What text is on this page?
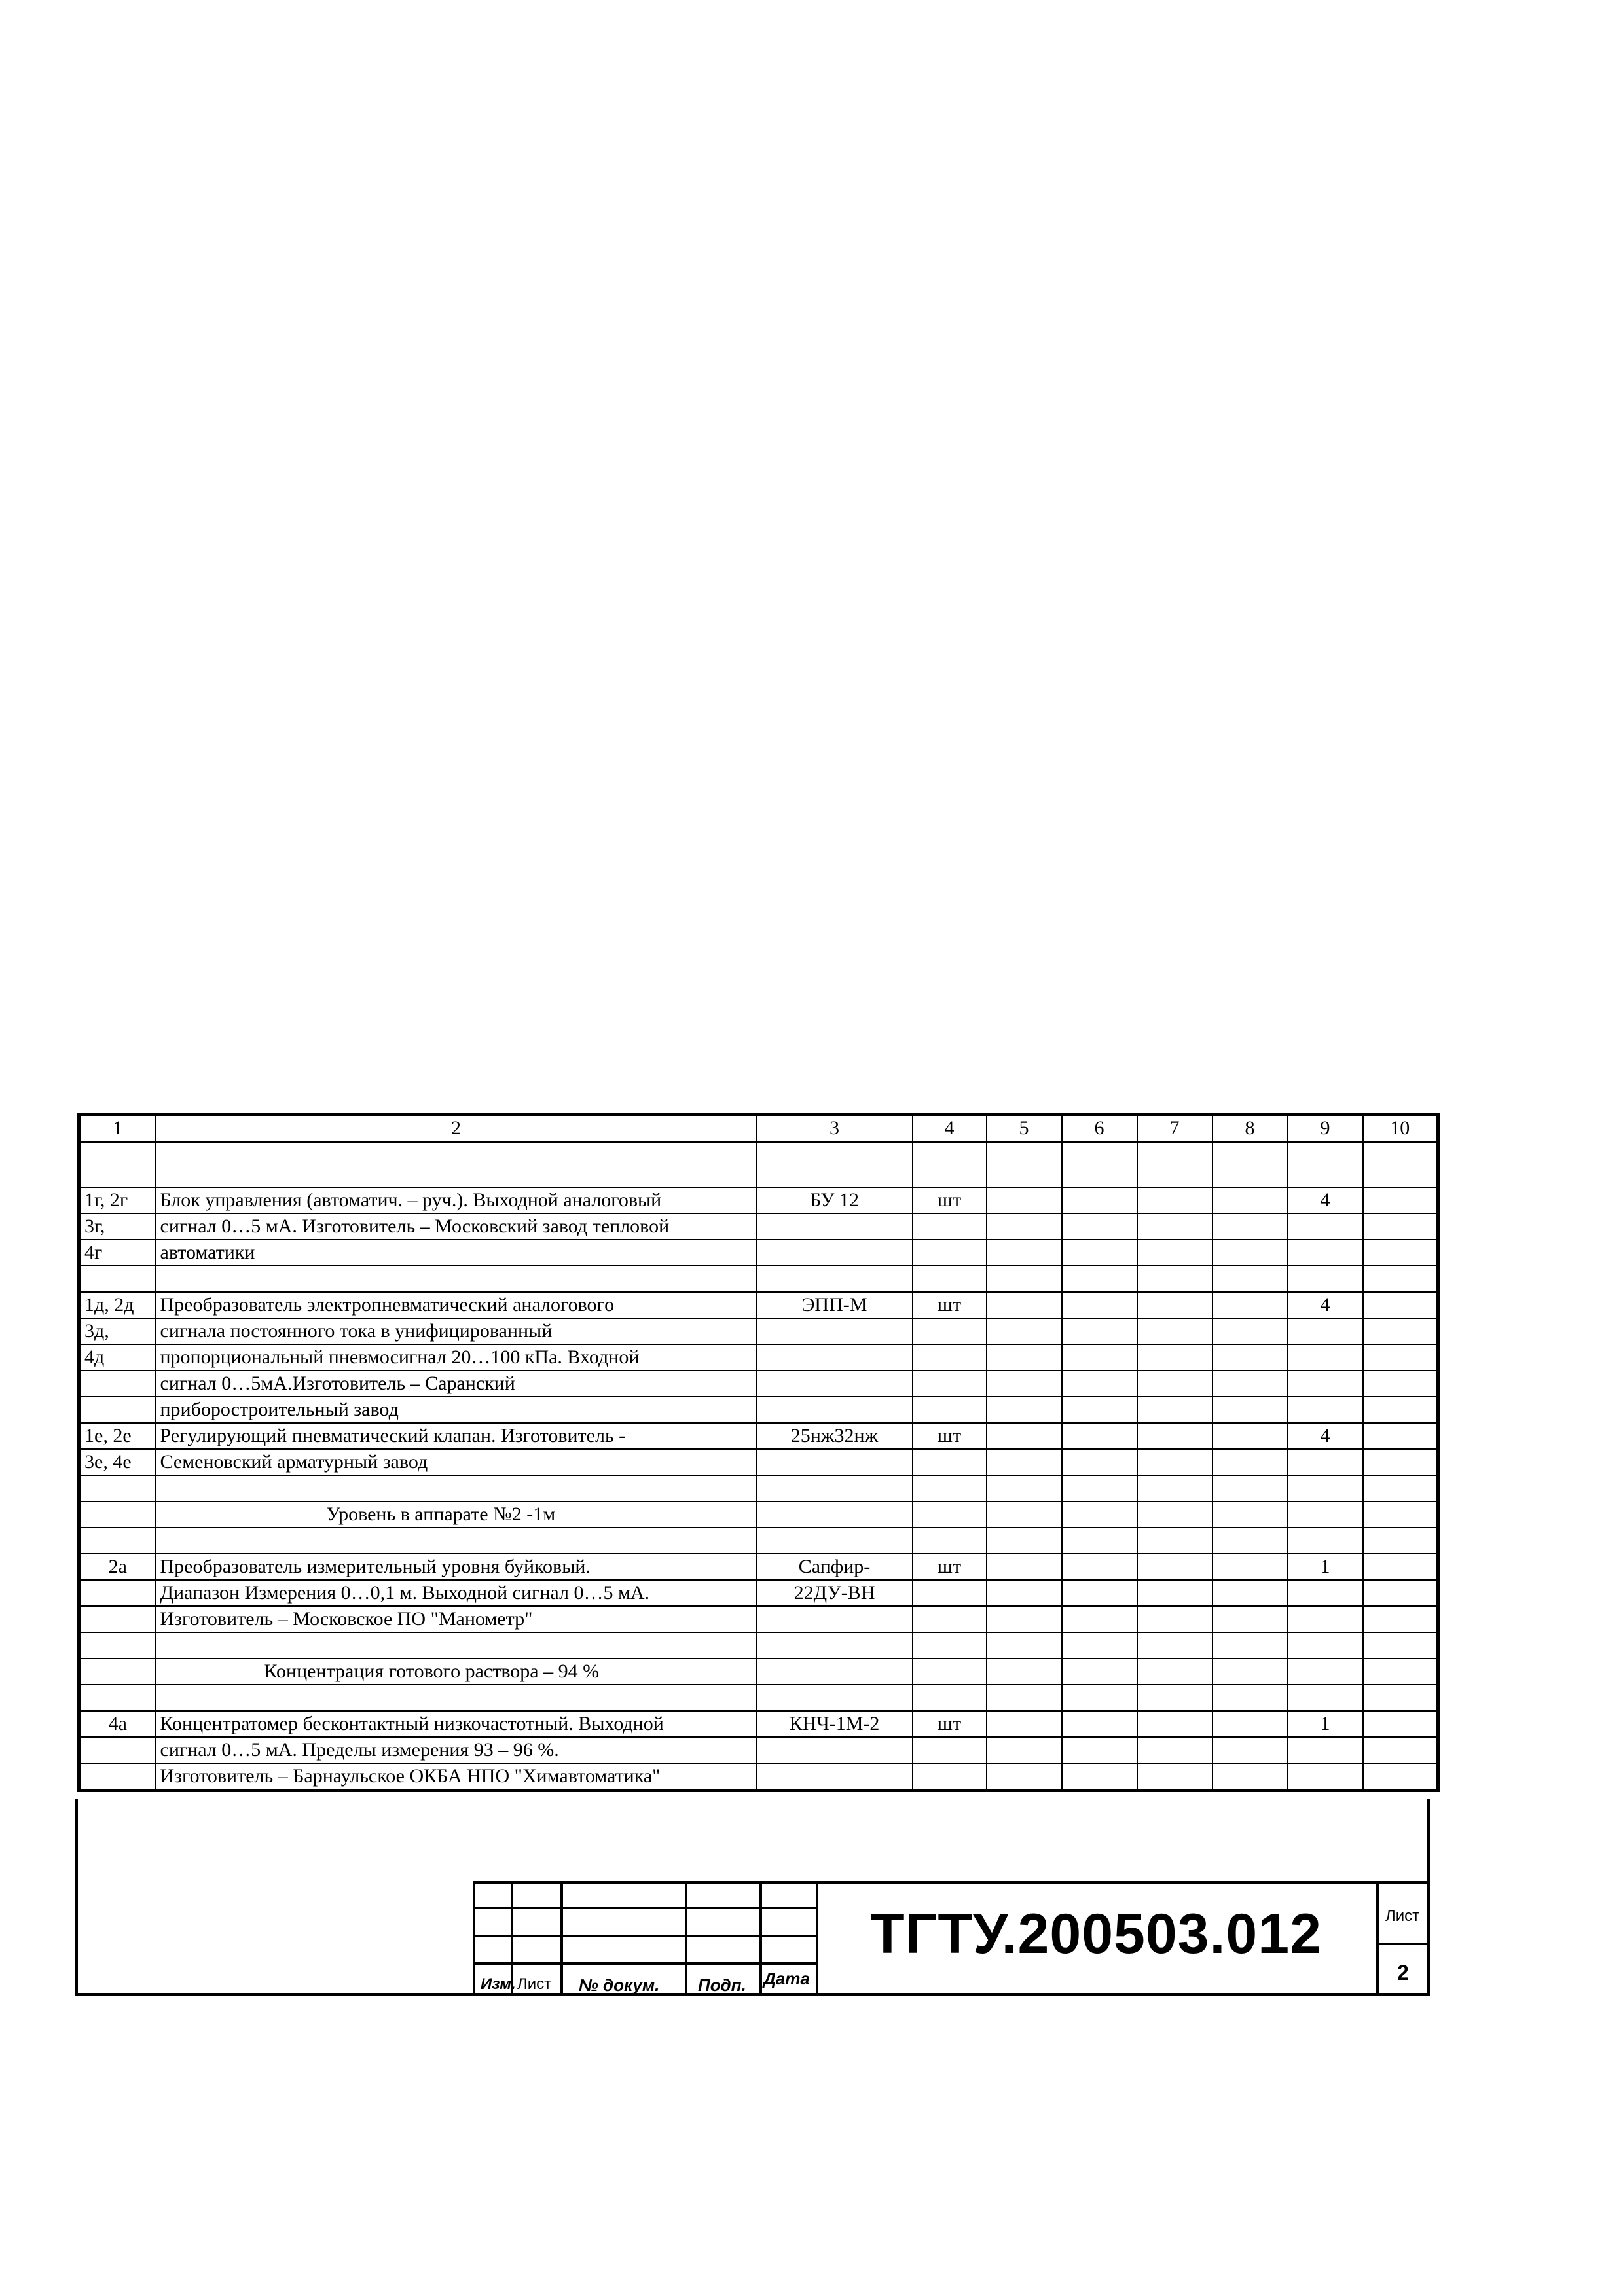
1	2	3	4	5	6	7	8	9	10

1г, 2г	Блок управления (автоматич. – руч.). Выходной аналоговый	БУ 12	шт					4	
3г,	сигнал 0…5 мА. Изготовитель – Московский завод тепловой								
4г	автоматики								

1д, 2д	Преобразователь электропневматический аналогового	ЭПП-М	шт					4	
3д,	сигнала постоянного тока в унифицированный								
4д	пропорциональный пневмосигнал 20…100 кПа. Входной								
	сигнал 0…5мА.Изготовитель – Саранский								
	приборостроительный завод								
1е, 2е	Регулирующий пневматический клапан. Изготовитель -	25нж32нж	шт					4	
3е, 4е	Семеновский арматурный завод								

	Уровень в аппарате №2 -1м								

2а	Преобразователь измерительный уровня буйковый.	Сапфир-	шт					1	
	Диапазон Измерения 0…0,1 м. Выходной сигнал 0…5 мА.	22ДУ-ВН							
	Изготовитель – Московское ПО "Манометр"								

	Концентрация готового раствора – 94 %								

4а	Концентратомер бесконтактный низкочастотный. Выходной	КНЧ-1М-2	шт					1	
	сигнал 0…5 мА. Пределы измерения 93 – 96 %.								
	Изготовитель – Барнаульское ОКБА НПО "Химавтоматика"								
Изм. Лист № докум. Подп. Дата
ТГТУ.200503.012	Лист
2
